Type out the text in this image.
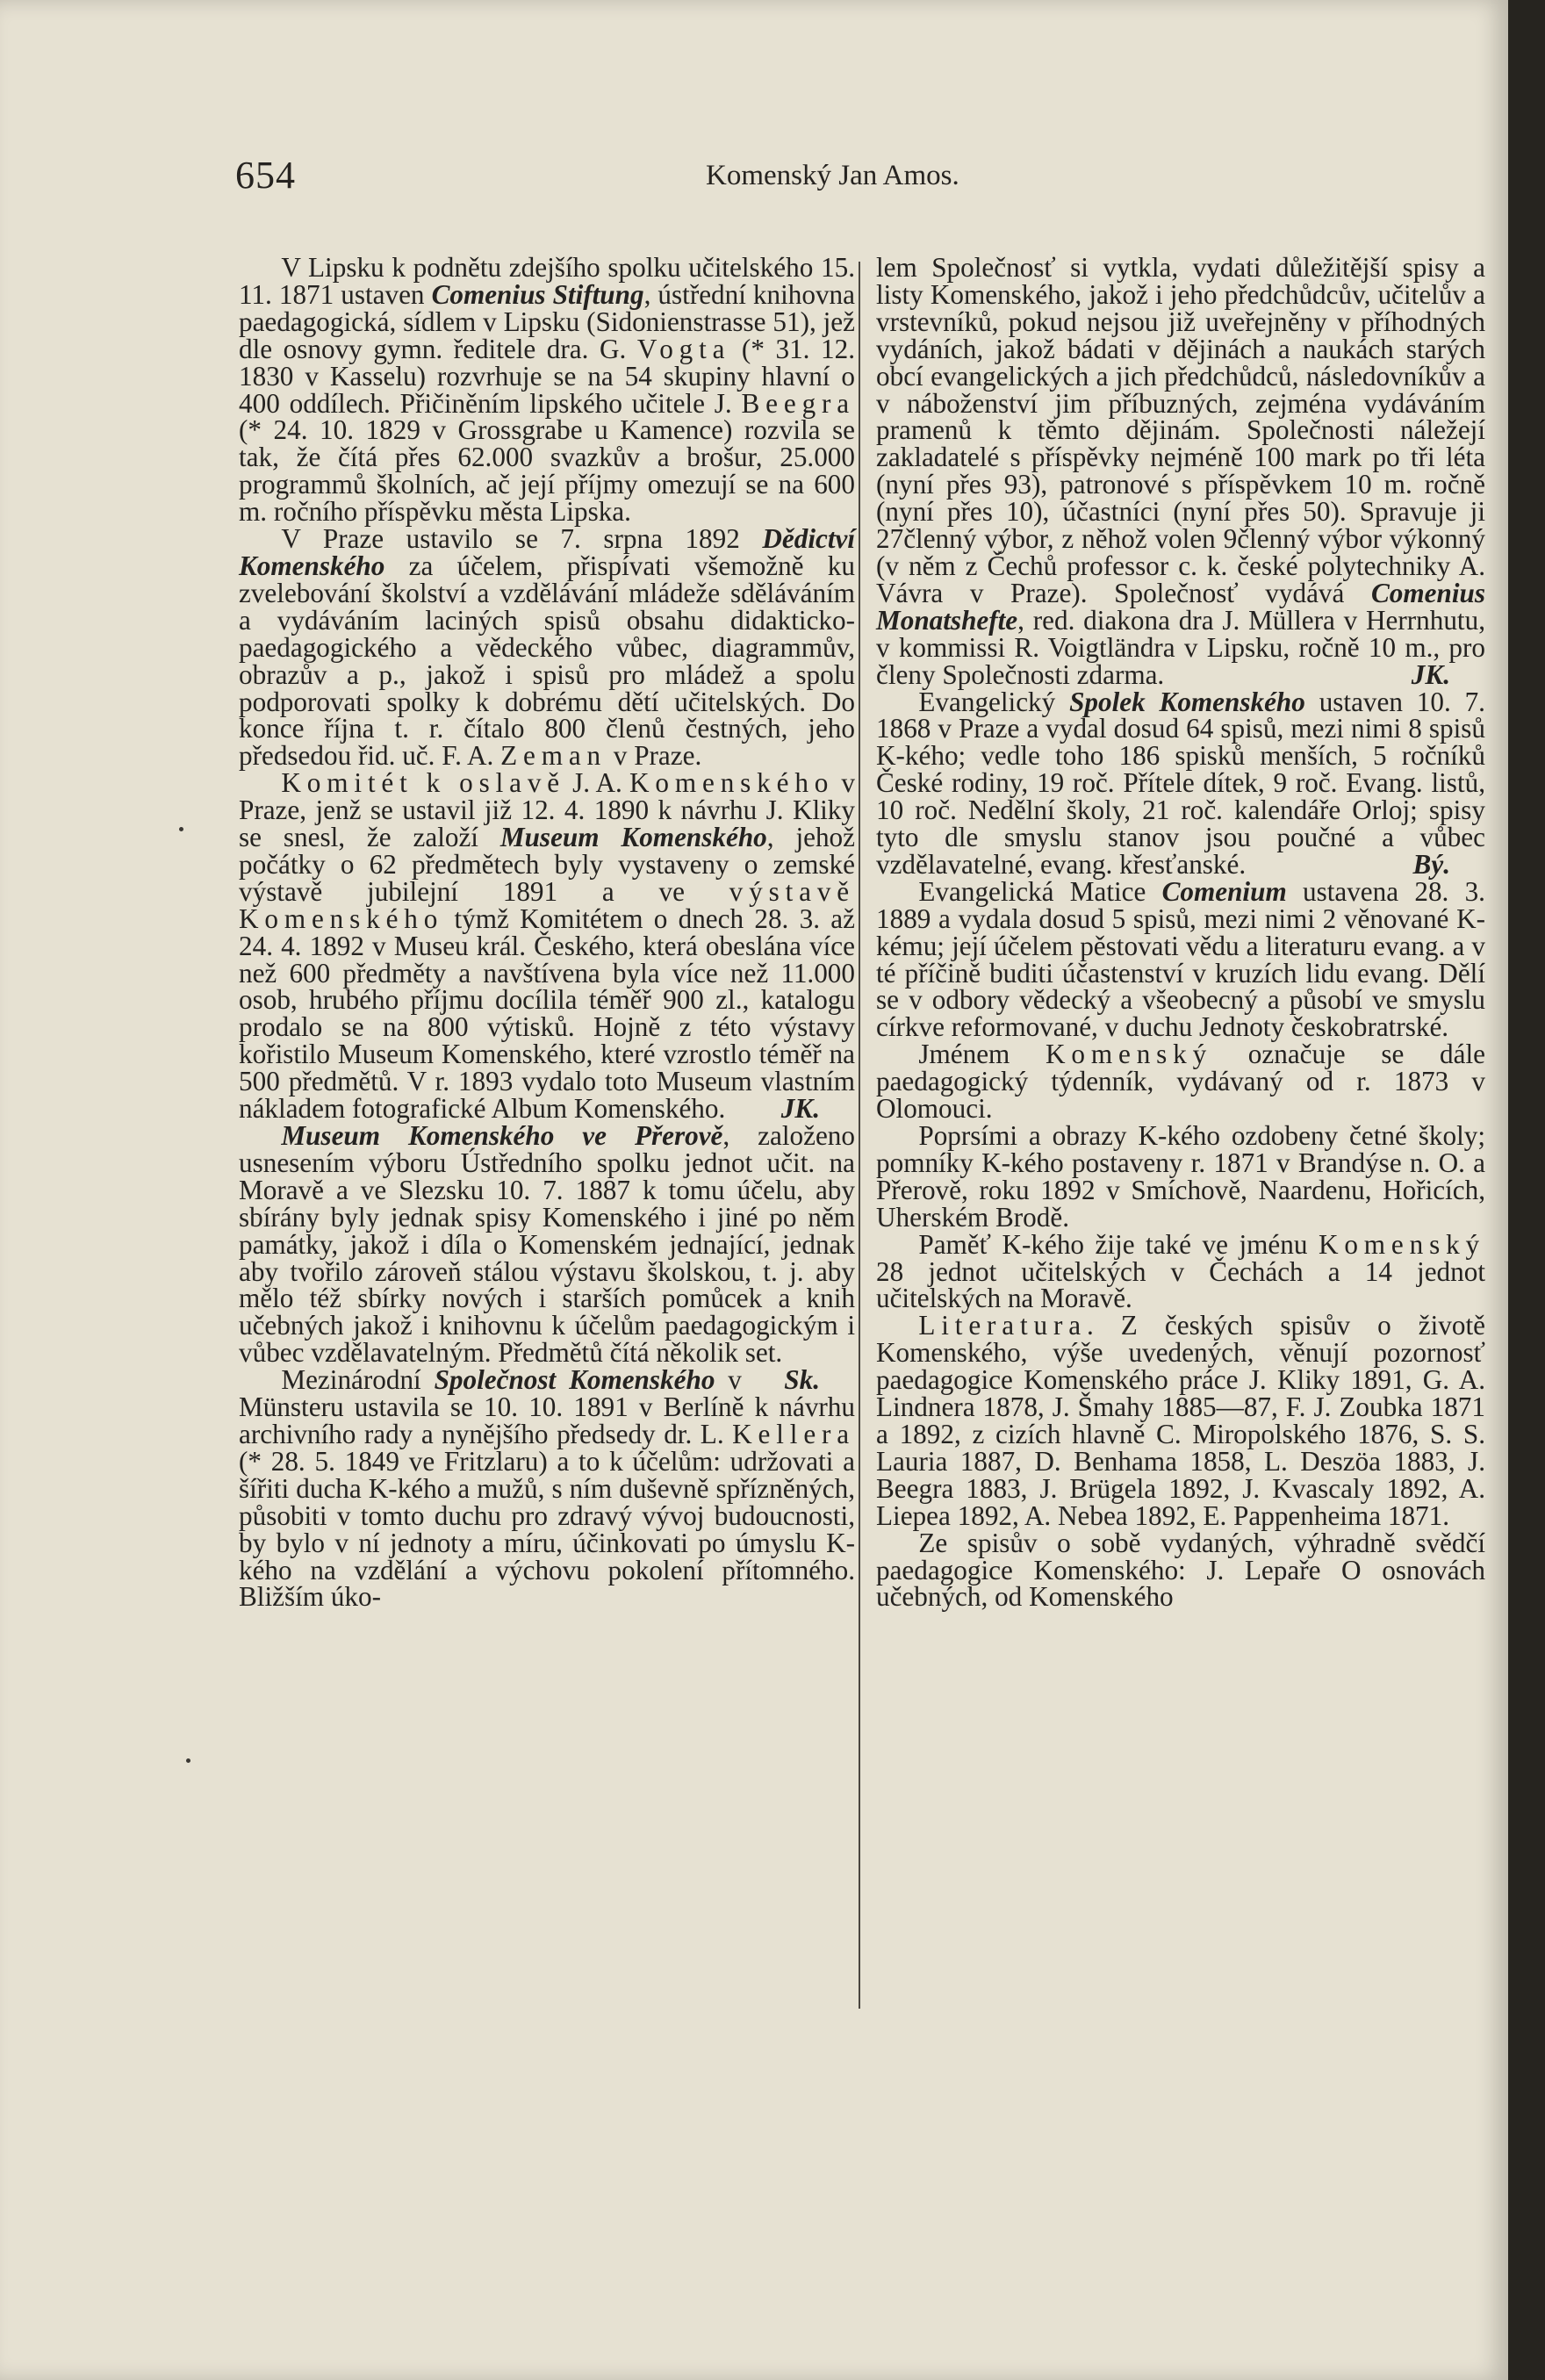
654	Komenský Jan Amos.

V Lipsku k podnětu zdejšího spolku učitelského 15. 11. 1871 ustaven Comenius Stiftung, ústřední knihovna paedagogická, sídlem v Lipsku (Sidonienstrasse 51), jež dle osnovy gymn. ředitele dra. G. Vogta (* 31. 12. 1830 v Kasselu) rozvrhuje se na 54 skupiny hlavní o 400 oddílech. Přičiněním lipského učitele J. Beegra (* 24. 10. 1829 v Grossgrabe u Kamence) rozvila se tak, že čítá přes 62.000 svazkův a brošur, 25.000 programmů školních, ač její příjmy omezují se na 600 m. ročního příspěvku města Lipska.

V Praze ustavilo se 7. srpna 1892 Dědictví Komenského za účelem, přispívati všemožně ku zvelebování školství a vzdělávání mládeže sděláváním a vydáváním laciných spisů obsahu didakticko-paedagogického a vědeckého vůbec, diagrammův, obrazův a p., jakož i spisů pro mládež a spolu podporovati spolky k dobrému dětí učitelských. Do konce října t. r. čítalo 800 členů čestných, jeho předsedou řid. uč. F. A. Zeman v Praze.

Komitét k oslavě J. A. Komenského v Praze, jenž se ustavil již 12. 4. 1890 k návrhu J. Kliky se snesl, že založí Museum Komenského, jehož počátky o 62 předmětech byly vystaveny o zemské výstavě jubilejní 1891 a ve výstavě Komenského týmž Komitétem o dnech 28. 3. až 24. 4. 1892 v Museu král. Českého, která obeslána více než 600 předměty a navštívena byla více než 11.000 osob, hrubého příjmu docílila téměř 900 zl., katalogu prodalo se na 800 výtisků. Hojně z této výstavy kořistilo Museum Komenského, které vzrostlo téměř na 500 předmětů. V r. 1893 vydalo toto Museum vlastním nákladem fotografické Album Komenského.	JK.

Museum Komenského ve Přerově, založeno usnesením výboru Ústředního spolku jednot učit. na Moravě a ve Slezsku 10. 7. 1887 k tomu účelu, aby sbírány byly jednak spisy Komenského i jiné po něm památky, jakož i díla o Komenském jednající, jednak aby tvořilo zároveň stálou výstavu školskou, t. j. aby mělo též sbírky nových i starších pomůcek a knih učebných jakož i knihovnu k účelům paedagogickým i vůbec vzdělavatelným. Předmětů čítá několik set.
Sk.

Mezinárodní Společnost Komenského v Münsteru ustavila se 10. 10. 1891 v Berlíně k návrhu archivního rady a nynějšího předsedy dr. L. Kellera (* 28. 5. 1849 ve Fritzlaru) a to k účelům: udržovati a šířiti ducha K-kého a mužů, s ním duševně spřízněných, působiti v tomto duchu pro zdravý vývoj budoucnosti, by bylo v ní jednoty a míru, účinkovati po úmyslu K-kého na vzdělání a výchovu pokolení přítomného. Bližším úko-

lem Společnosť si vytkla, vydati důležitější spisy a listy Komenského, jakož i jeho předchůdcův, učitelův a vrstevníků, pokud nejsou již uveřejněny v příhodných vydáních, jakož bádati v dějinách a naukách starých obcí evangelických a jich předchůdců, následovníkův a v náboženství jim příbuzných, zejména vydáváním pramenů k těmto dějinám. Společnosti náležejí zakladatelé s příspěvky nejméně 100 mark po tři léta (nyní přes 93), patronové s příspěvkem 10 m. ročně (nyní přes 10), účastníci (nyní přes 50). Spravuje ji 27členný výbor, z něhož volen 9členný výbor výkonný (v něm z Čechů professor c. k. české polytechniky A. Vávra v Praze). Společnosť vydává Comenius Monatshefte, red. diakona dra J. Müllera v Herrnhutu, v kommissi R. Voigtländra v Lipsku, ročně 10 m., pro členy Společnosti zdarma.	JK.

Evangelický Spolek Komenského ustaven 10. 7. 1868 v Praze a vydal dosud 64 spisů, mezi nimi 8 spisů K-kého; vedle toho 186 spisků menších, 5 ročníků České rodiny, 19 roč. Přítele dítek, 9 roč. Evang. listů, 10 roč. Nedělní školy, 21 roč. kalendáře Orloj; spisy tyto dle smyslu stanov jsou poučné a vůbec vzdělavatelné, evang. křesťanské.	Bý.

Evangelická Matice Comenium ustavena 28. 3. 1889 a vydala dosud 5 spisů, mezi nimi 2 věnované K-kému; její účelem pěstovati vědu a literaturu evang. a v té příčině buditi účastenství v kruzích lidu evang. Dělí se v odbory vědecký a všeobecný a působí ve smyslu církve reformované, v duchu Jednoty českobratrské.

Jménem Komenský označuje se dále paedagogický týdenník, vydávaný od r. 1873 v Olomouci.

Poprsími a obrazy K-kého ozdobeny četné školy; pomníky K-kého postaveny r. 1871 v Brandýse n. O. a Přerově, roku 1892 v Smíchově, Naardenu, Hořicích, Uherském Brodě.

Paměť K-kého žije také ve jménu Komenský 28 jednot učitelských v Čechách a 14 jednot učitelských na Moravě.

Literatura. Z českých spisův o životě Komenského, výše uvedených, věnují pozornosť paedagogice Komenského práce J. Kliky 1891, G. A. Lindnera 1878, J. Šmahy 1885—87, F. J. Zoubka 1871 a 1892, z cizích hlavně C. Miropolského 1876, S. S. Lauria 1887, D. Benhama 1858, L. Deszöa 1883, J. Beegra 1883, J. Brügela 1892, J. Kvascaly 1892, A. Liepea 1892, A. Nebea 1892, E. Pappenheima 1871.

Ze spisův o sobě vydaných, výhradně svědčí paedagogice Komenského: J. Lepaře O osnovách učebných, od Komenského
